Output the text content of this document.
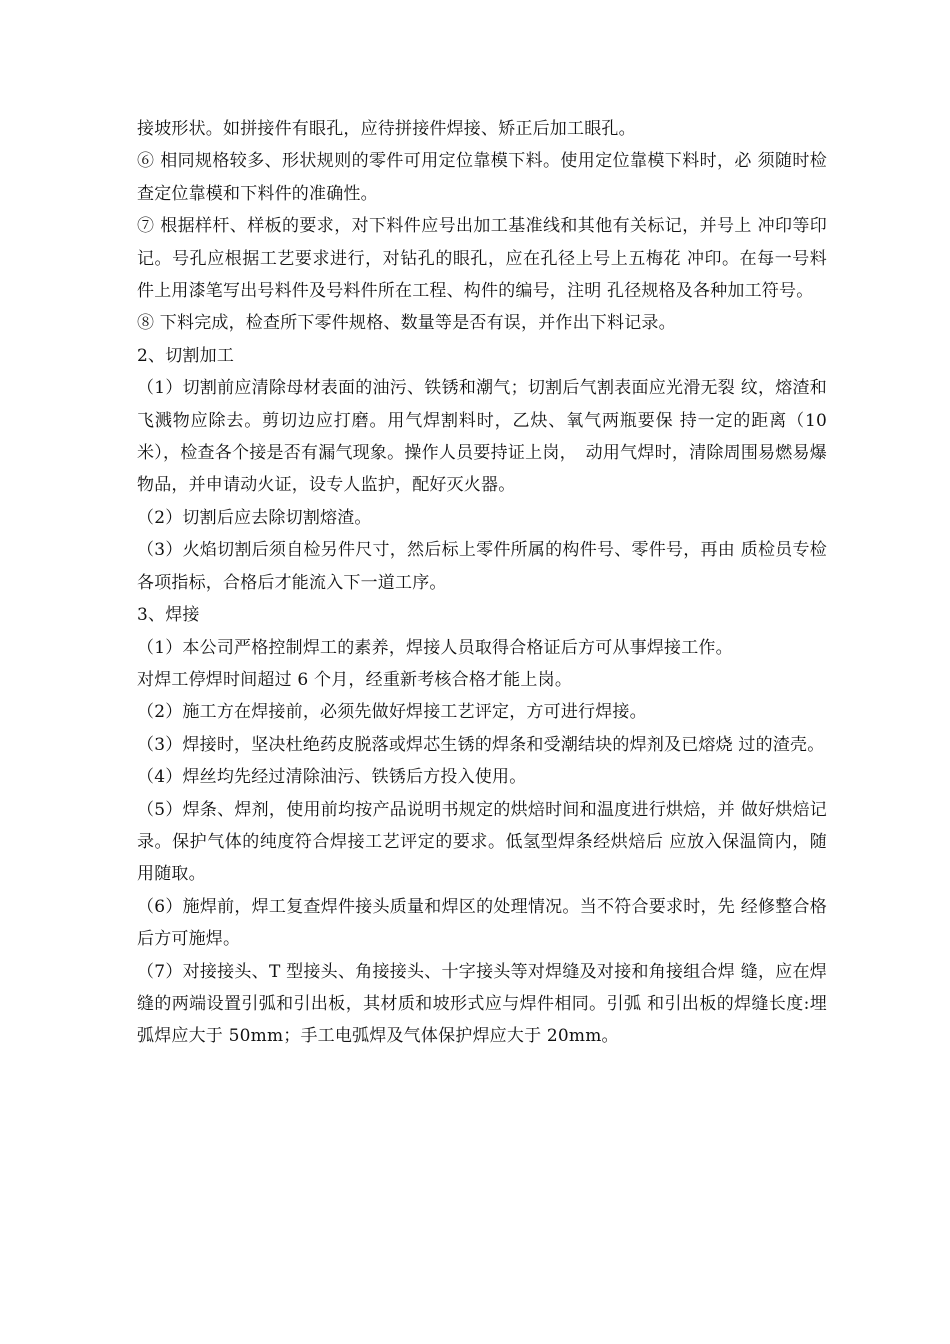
接坡形状。如拼接件有眼孔，应待拼接件焊接、矫正后加工眼孔。

⑥ 相同规格较多、形状规则的零件可用定位靠模下料。使用定位靠模下料时，必 须随时检查定位靠模和下料件的准确性。

⑦ 根据样杆、样板的要求，对下料件应号出加工基准线和其他有关标记，并号上 冲印等印记。号孔应根据工艺要求进行，对钻孔的眼孔，应在孔径上号上五梅花 冲印。在每一号料件上用漆笔写出号料件及号料件所在工程、构件的编号，注明 孔径规格及各种加工符号。

⑧ 下料完成，检查所下零件规格、数量等是否有误，并作出下料记录。

2、切割加工

（1）切割前应清除母材表面的油污、铁锈和潮气；切割后气割表面应光滑无裂 纹，熔渣和飞溅物应除去。剪切边应打磨。用气焊割料时，乙炔、氧气两瓶要保 持一定的距离（10米），检查各个接是否有漏气现象。操作人员要持证上岗，　动用气焊时，清除周围易燃易爆物品，并申请动火证，设专人监护，配好灭火器。

（2）切割后应去除切割熔渣。

（3）火焰切割后须自检另件尺寸，然后标上零件所属的构件号、零件号，再由 质检员专检各项指标，合格后才能流入下一道工序。

3、焊接

（1）本公司严格控制焊工的素养，焊接人员取得合格证后方可从事焊接工作。

对焊工停焊时间超过 6 个月，经重新考核合格才能上岗。

（2）施工方在焊接前，必须先做好焊接工艺评定，方可进行焊接。

（3）焊接时，坚决杜绝药皮脱落或焊芯生锈的焊条和受潮结块的焊剂及已熔烧 过的渣壳。

（4）焊丝均先经过清除油污、铁锈后方投入使用。

（5）焊条、焊剂，使用前均按产品说明书规定的烘焙时间和温度进行烘焙，并 做好烘焙记录。保护气体的纯度符合焊接工艺评定的要求。低氢型焊条经烘焙后 应放入保温筒内，随用随取。

（6）施焊前，焊工复查焊件接头质量和焊区的处理情况。当不符合要求时，先 经修整合格后方可施焊。

（7）对接接头、T 型接头、角接接头、十字接头等对焊缝及对接和角接组合焊 缝，应在焊缝的两端设置引弧和引出板，其材质和坡形式应与焊件相同。引弧 和引出板的焊缝长度:埋弧焊应大于 50mm；手工电弧焊及气体保护焊应大于 20mm。
